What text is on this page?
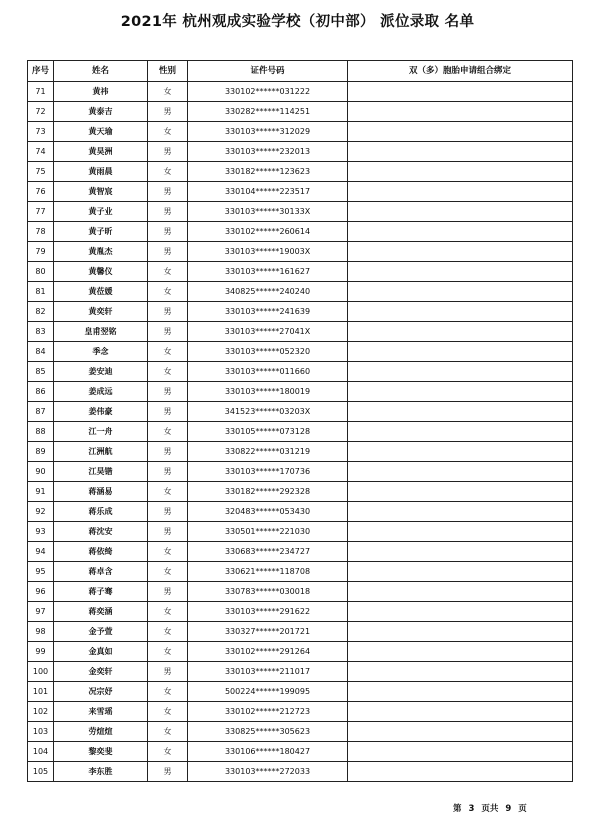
2021年 杭州观成实验学校（初中部） 派位录取 名单
序号	姓名	性别	证件号码	双（多）胞胎申请组合绑定
71	黄祎	女	330102******031222	
72	黄泰吉	男	330282******114251	
73	黄天瑜	女	330103******312029	
74	黄昊洲	男	330103******232013	
75	黄雨晨	女	330182******123623	
76	黄智宸	男	330104******223517	
77	黄子业	男	330103******30133X	
78	黄子昕	男	330102******260614	
79	黄胤杰	男	330103******19003X	
80	黄馨仪	女	330103******161627	
81	黄莅媛	女	340825******240240	
82	黄奕轩	男	330103******241639	
83	皇甫翌铭	男	330103******27041X	
84	季念	女	330103******052320	
85	姜安迪	女	330103******011660	
86	姜成远	男	330103******180019	
87	姜伟豪	男	341523******03203X	
88	江一舟	女	330105******073128	
89	江洲航	男	330822******031219	
90	江昊锴	男	330103******170736	
91	蒋涵易	女	330182******292328	
92	蒋乐成	男	320483******053430	
93	蒋沈安	男	330501******221030	
94	蒋依绮	女	330683******234727	
95	蒋卓含	女	330621******118708	
96	蒋子骞	男	330783******030018	
97	蒋奕涵	女	330103******291622	
98	金予萱	女	330327******201721	
99	金真如	女	330102******291264	
100	金奕轩	男	330103******211017	
101	况宗妤	女	500224******199095	
102	来雪瑶	女	330102******212723	
103	劳煊煊	女	330825******305623	
104	黎奕斐	女	330106******180427	
105	李东胜	男	330103******272033	
第 3 页共 9 页
